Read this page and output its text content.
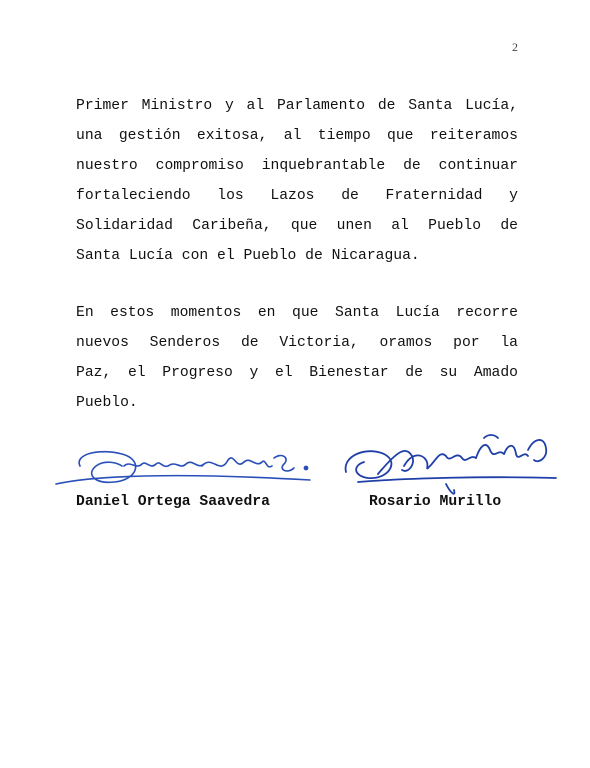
2
Primer Ministro y al Parlamento de Santa Lucía,
una gestión exitosa, al tiempo que reiteramos
nuestro compromiso inquebrantable de continuar
fortaleciendo los Lazos de Fraternidad y
Solidaridad Caribeña, que unen al Pueblo de
Santa Lucía con el Pueblo de Nicaragua.
En estos momentos en que Santa Lucía recorre
nuevos Senderos de Victoria, oramos por la
Paz, el Progreso y el Bienestar de su Amado
Pueblo.
Daniel Ortega Saavedra	Rosario Murillo
